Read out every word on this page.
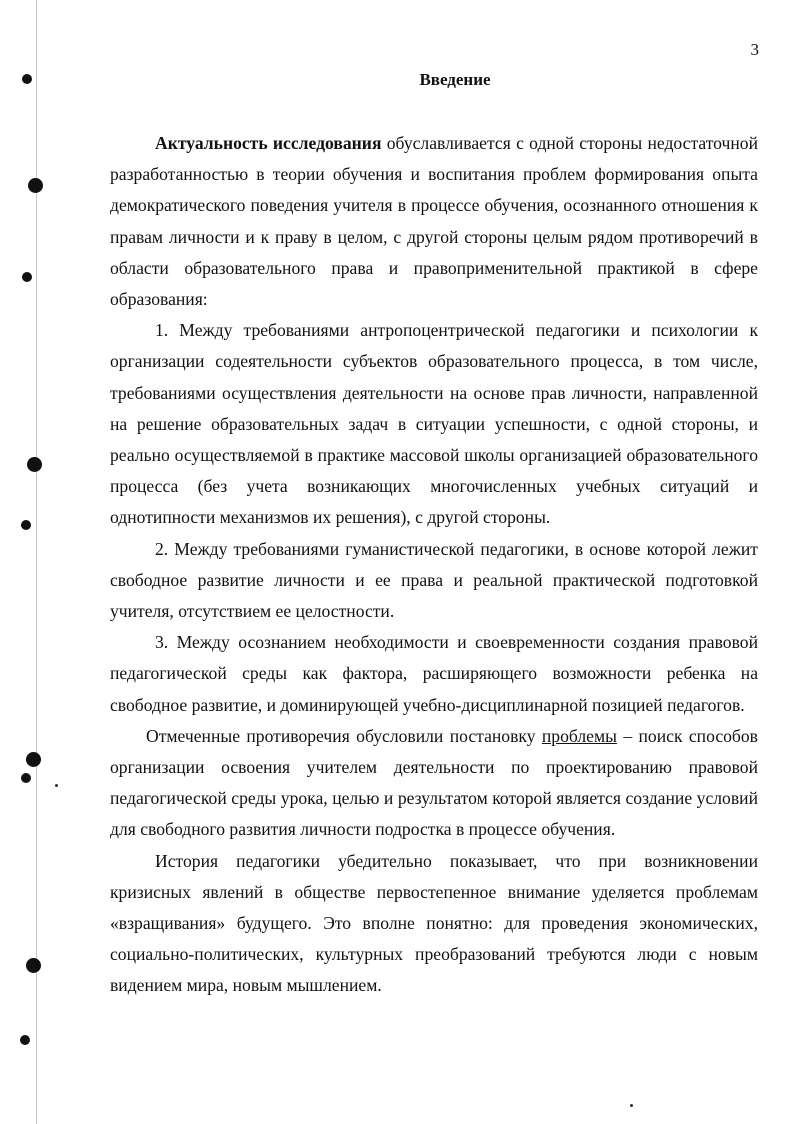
3
Введение

Актуальность исследования обуславливается с одной стороны недостаточной разработанностью в теории обучения и воспитания проблем формирования опыта демократического поведения учителя в процессе обучения, осознанного отношения к правам личности и к праву в целом, с другой стороны целым рядом противоречий в области образовательного права и правоприменительной практикой в сфере образования:

1. Между требованиями антропоцентрической педагогики и психологии к организации содеятельности субъектов образовательного процесса, в том числе, требованиями осуществления деятельности на основе прав личности, направленной на решение образовательных задач в ситуации успешности, с одной стороны, и реально осуществляемой в практике массовой школы организацией образовательного процесса (без учета возникающих многочисленных учебных ситуаций и однотипности механизмов их решения), с другой стороны.

2. Между требованиями гуманистической педагогики, в основе которой лежит свободное развитие личности и ее права и реальной практической подготовкой учителя, отсутствием ее целостности.

3. Между осознанием необходимости и своевременности создания правовой педагогической среды как фактора, расширяющего возможности ребенка на свободное развитие, и доминирующей учебно-дисциплинарной позицией педагогов.

Отмеченные противоречия обусловили постановку проблемы – поиск способов организации освоения учителем деятельности по проектированию правовой педагогической среды урока, целью и результатом которой является создание условий для свободного развития личности подростка в процессе обучения.

История педагогики убедительно показывает, что при возникновении кризисных явлений в обществе первостепенное внимание уделяется проблемам «взращивания» будущего. Это вполне понятно: для проведения экономических, социально-политических, культурных преобразований требуются люди с новым видением мира, новым мышлением.
